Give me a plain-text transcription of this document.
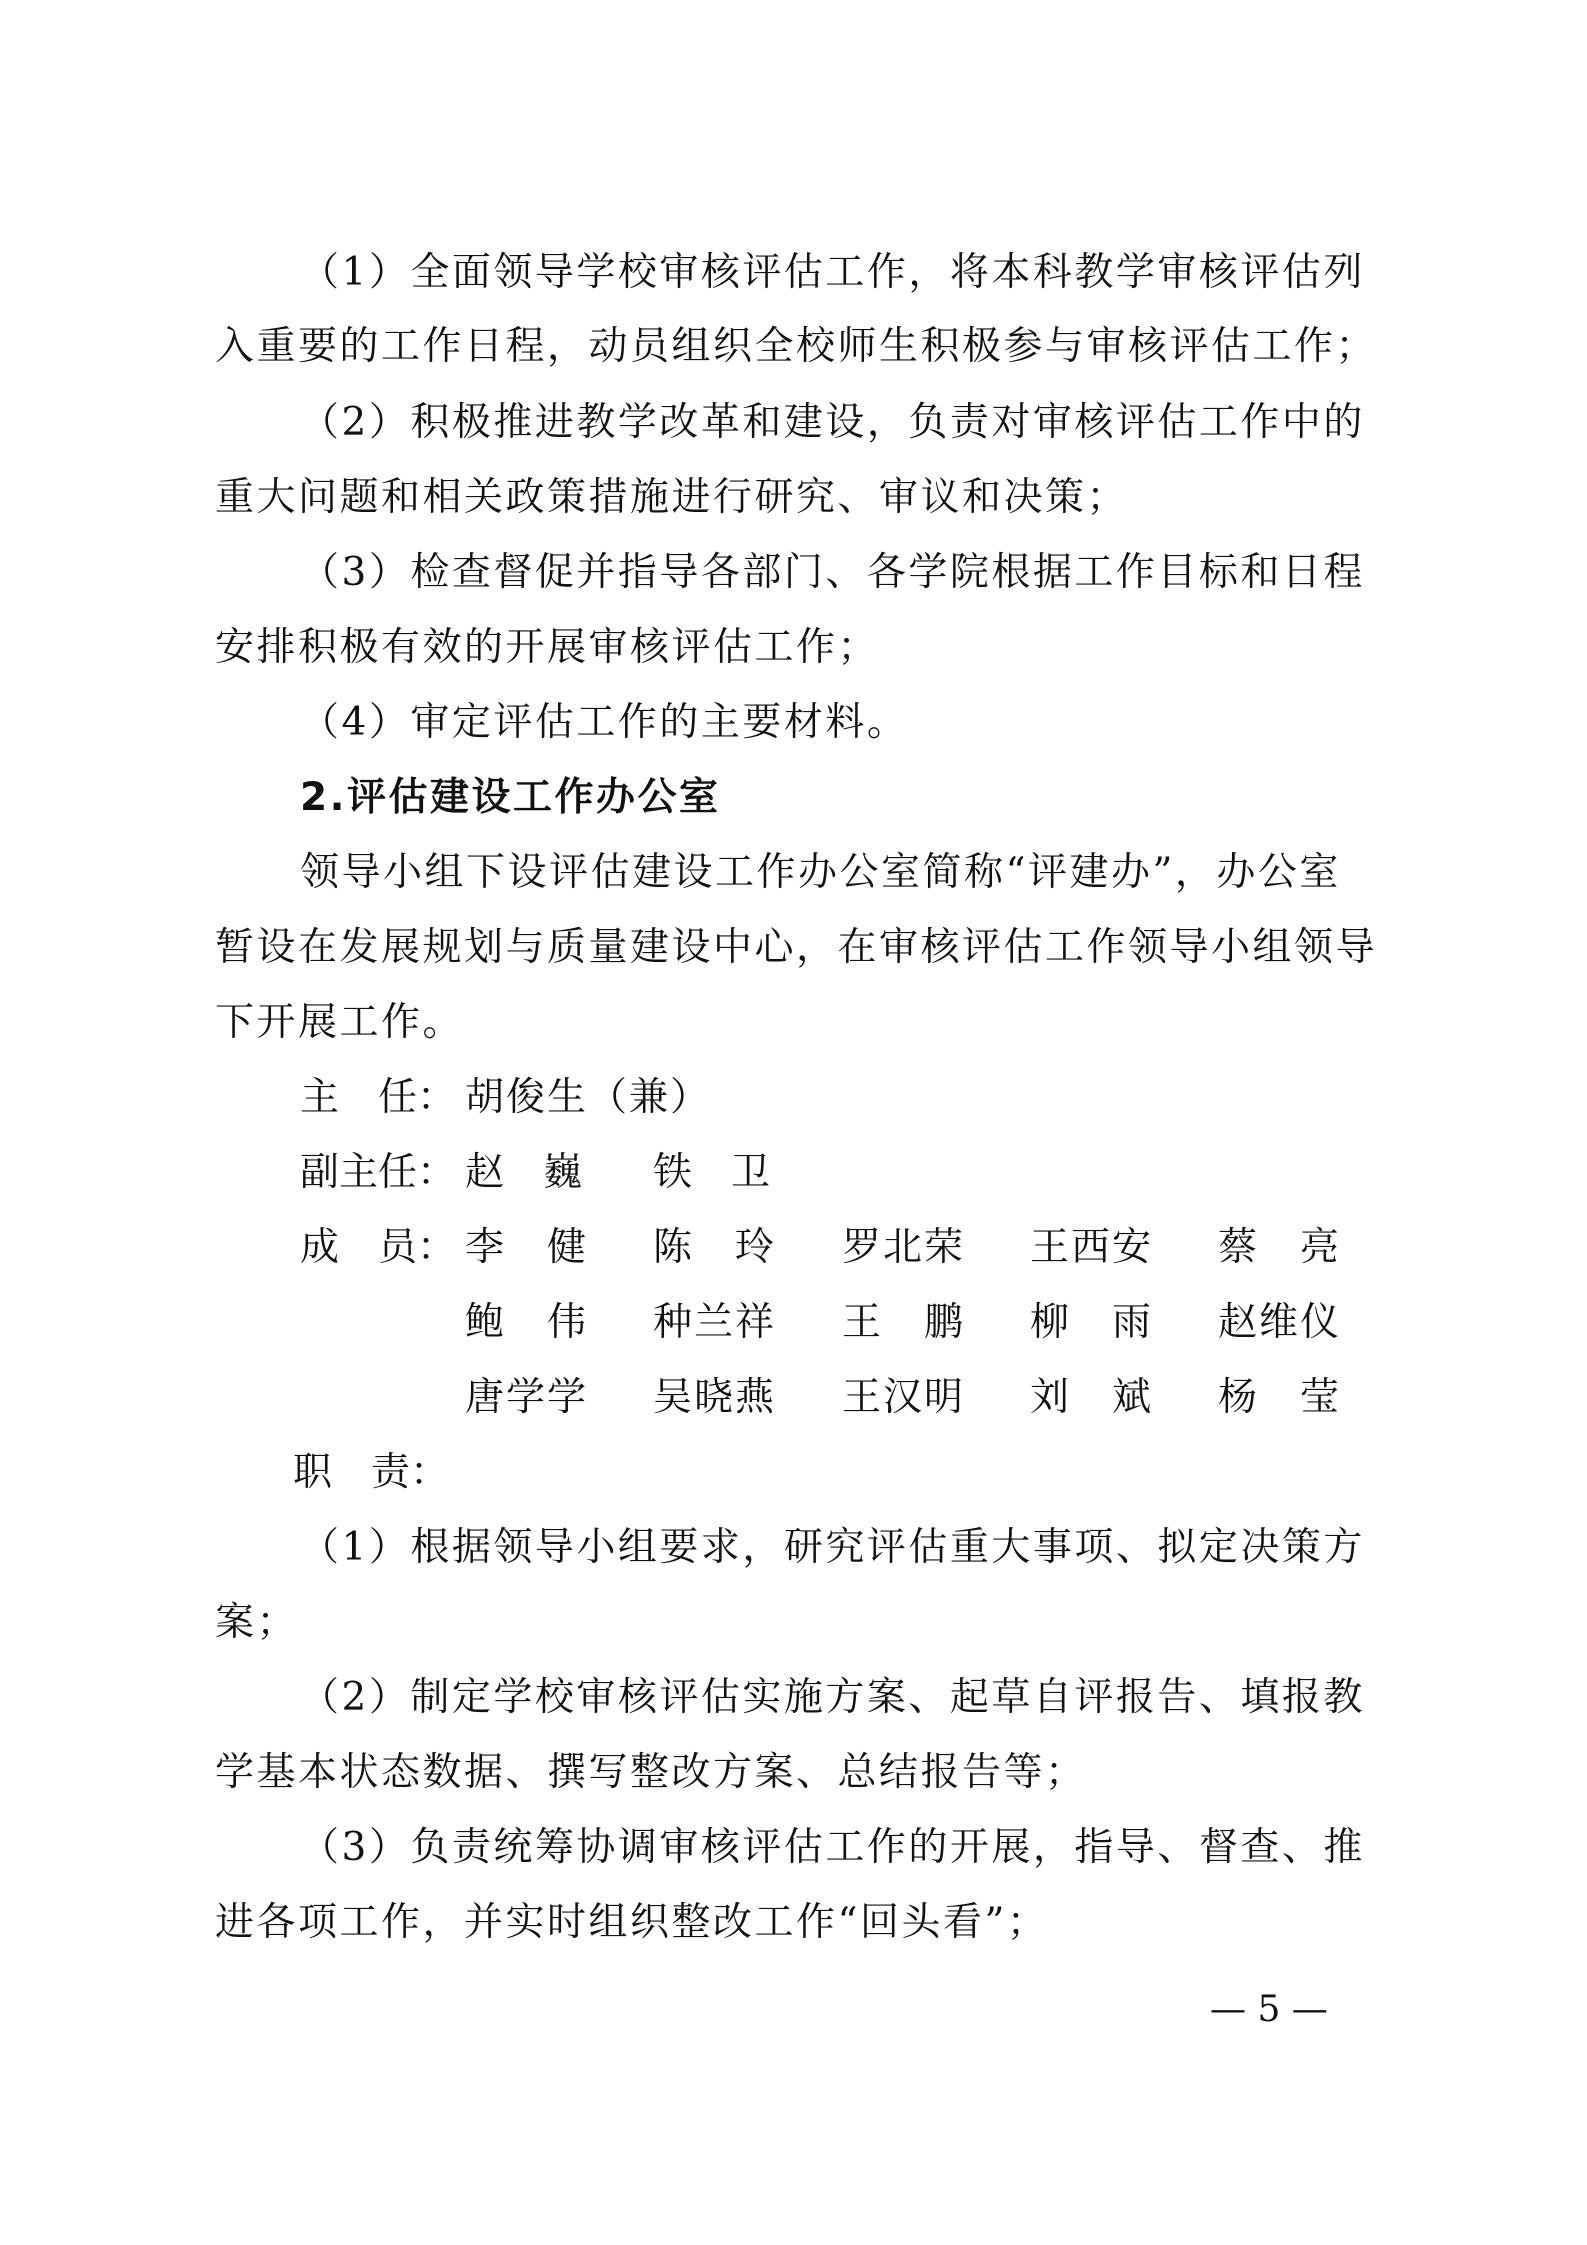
（1）全面领导学校审核评估工作，将本科教学审核评估列
入重要的工作日程，动员组织全校师生积极参与审核评估工作；
（2）积极推进教学改革和建设，负责对审核评估工作中的
重大问题和相关政策措施进行研究、审议和决策；
（3）检查督促并指导各部门、各学院根据工作目标和日程
安排积极有效的开展审核评估工作；
（4）审定评估工作的主要材料。
2.评估建设工作办公室
领导小组下设评估建设工作办公室简称“评建办”，办公室
暂设在发展规划与质量建设中心，在审核评估工作领导小组领导
下开展工作。
主　任： 胡俊生（兼）
副主任： 赵　巍 铁　卫
成　员： 李　健 陈　玲 罗北荣 王西安 蔡　亮
鲍　伟 种兰祥 王　鹏 柳　雨 赵维仪
唐学学 吴晓燕 王汉明 刘　斌 杨　莹
职　责：
（1）根据领导小组要求，研究评估重大事项、拟定决策方
案；
（2）制定学校审核评估实施方案、起草自评报告、填报教
学基本状态数据、撰写整改方案、总结报告等；
（3）负责统筹协调审核评估工作的开展，指导、督查、推
进各项工作，并实时组织整改工作“回头看”；
— 5 —
